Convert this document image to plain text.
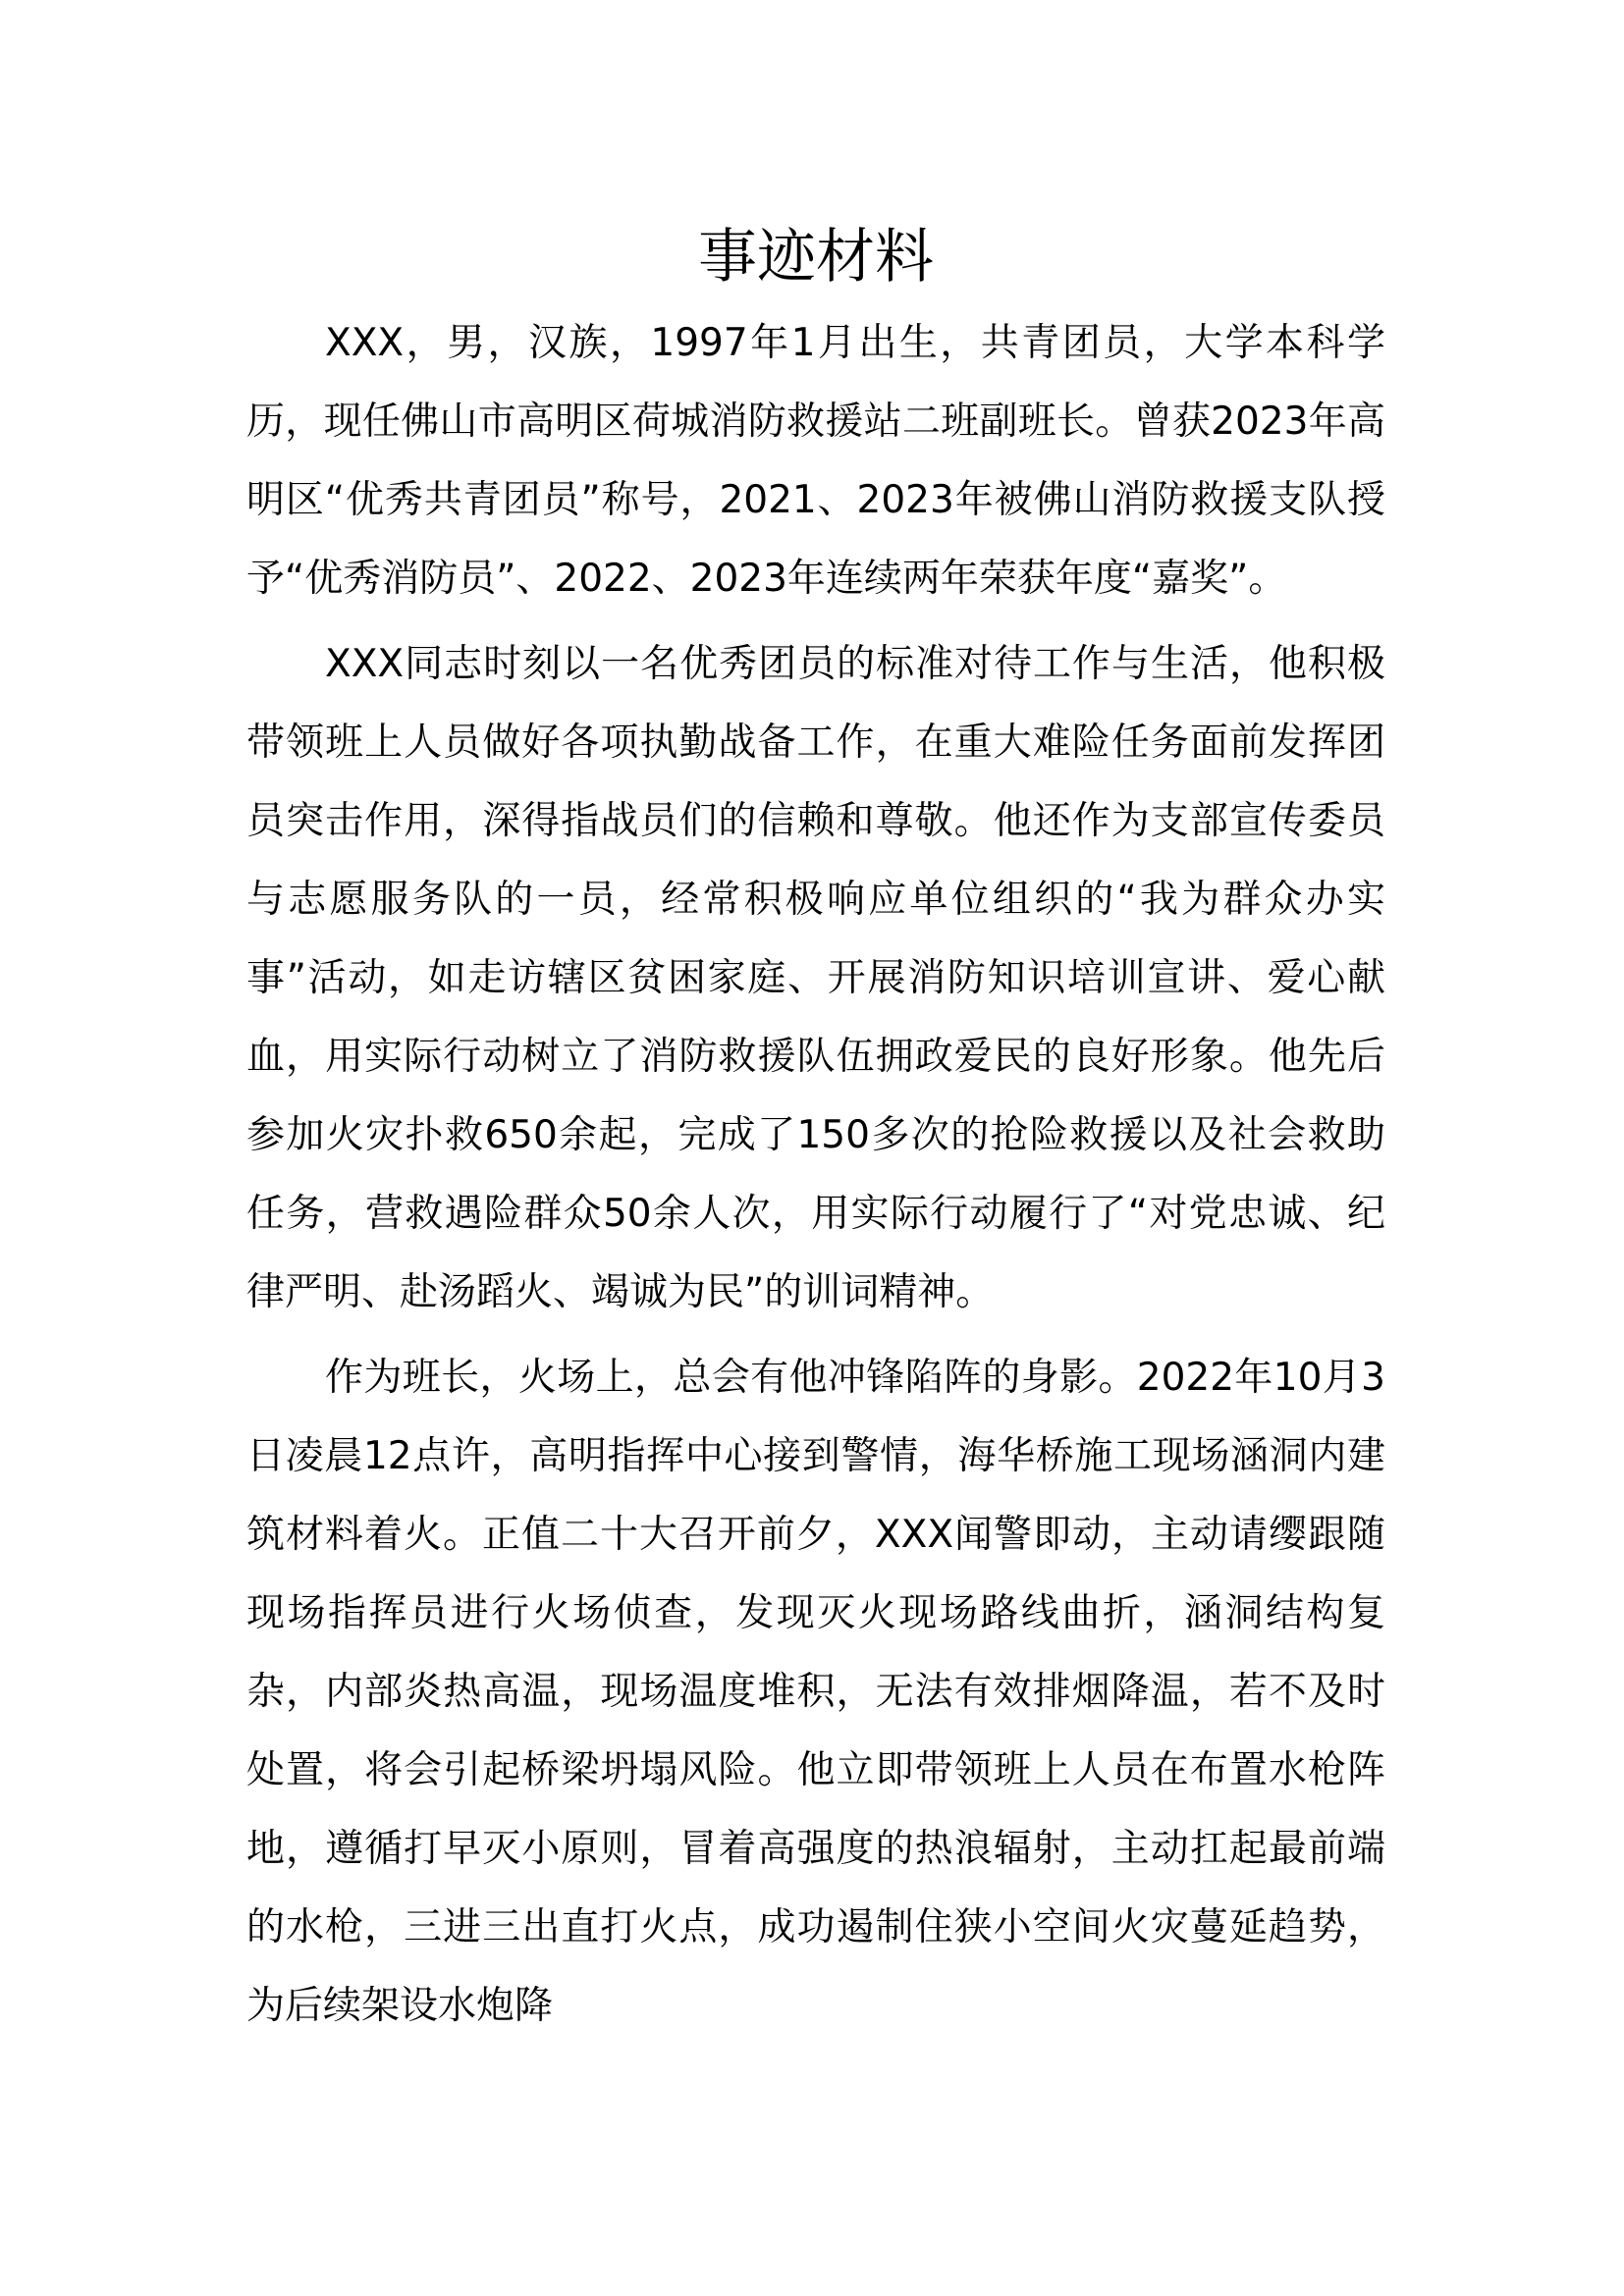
事迹材料

XXX，男，汉族，1997年1月出生，共青团员，大学本科学历，现任佛山市高明区荷城消防救援站二班副班长。曾获2023年高明区“优秀共青团员”称号，2021、2023年被佛山消防救援支队授予“优秀消防员”、2022、2023年连续两年荣获年度“嘉奖”。

XXX同志时刻以一名优秀团员的标准对待工作与生活，他积极带领班上人员做好各项执勤战备工作，在重大难险任务面前发挥团员突击作用，深得指战员们的信赖和尊敬。他还作为支部宣传委员与志愿服务队的一员，经常积极响应单位组织的“我为群众办实事”活动，如走访辖区贫困家庭、开展消防知识培训宣讲、爱心献血，用实际行动树立了消防救援队伍拥政爱民的良好形象。他先后参加火灾扑救650余起，完成了150多次的抢险救援以及社会救助任务，营救遇险群众50余人次，用实际行动履行了“对党忠诚、纪律严明、赴汤蹈火、竭诚为民”的训词精神。

作为班长，火场上，总会有他冲锋陷阵的身影。2022年10月3日凌晨12点许，高明指挥中心接到警情，海华桥施工现场涵洞内建筑材料着火。正值二十大召开前夕，XXX闻警即动，主动请缨跟随现场指挥员进行火场侦查，发现灭火现场路线曲折，涵洞结构复杂，内部炎热高温，现场温度堆积，无法有效排烟降温，若不及时处置，将会引起桥梁坍塌风险。他立即带领班上人员在布置水枪阵地，遵循打早灭小原则，冒着高强度的热浪辐射，主动扛起最前端的水枪，三进三出直打火点，成功遏制住狭小空间火灾蔓延趋势，为后续架设水炮降
